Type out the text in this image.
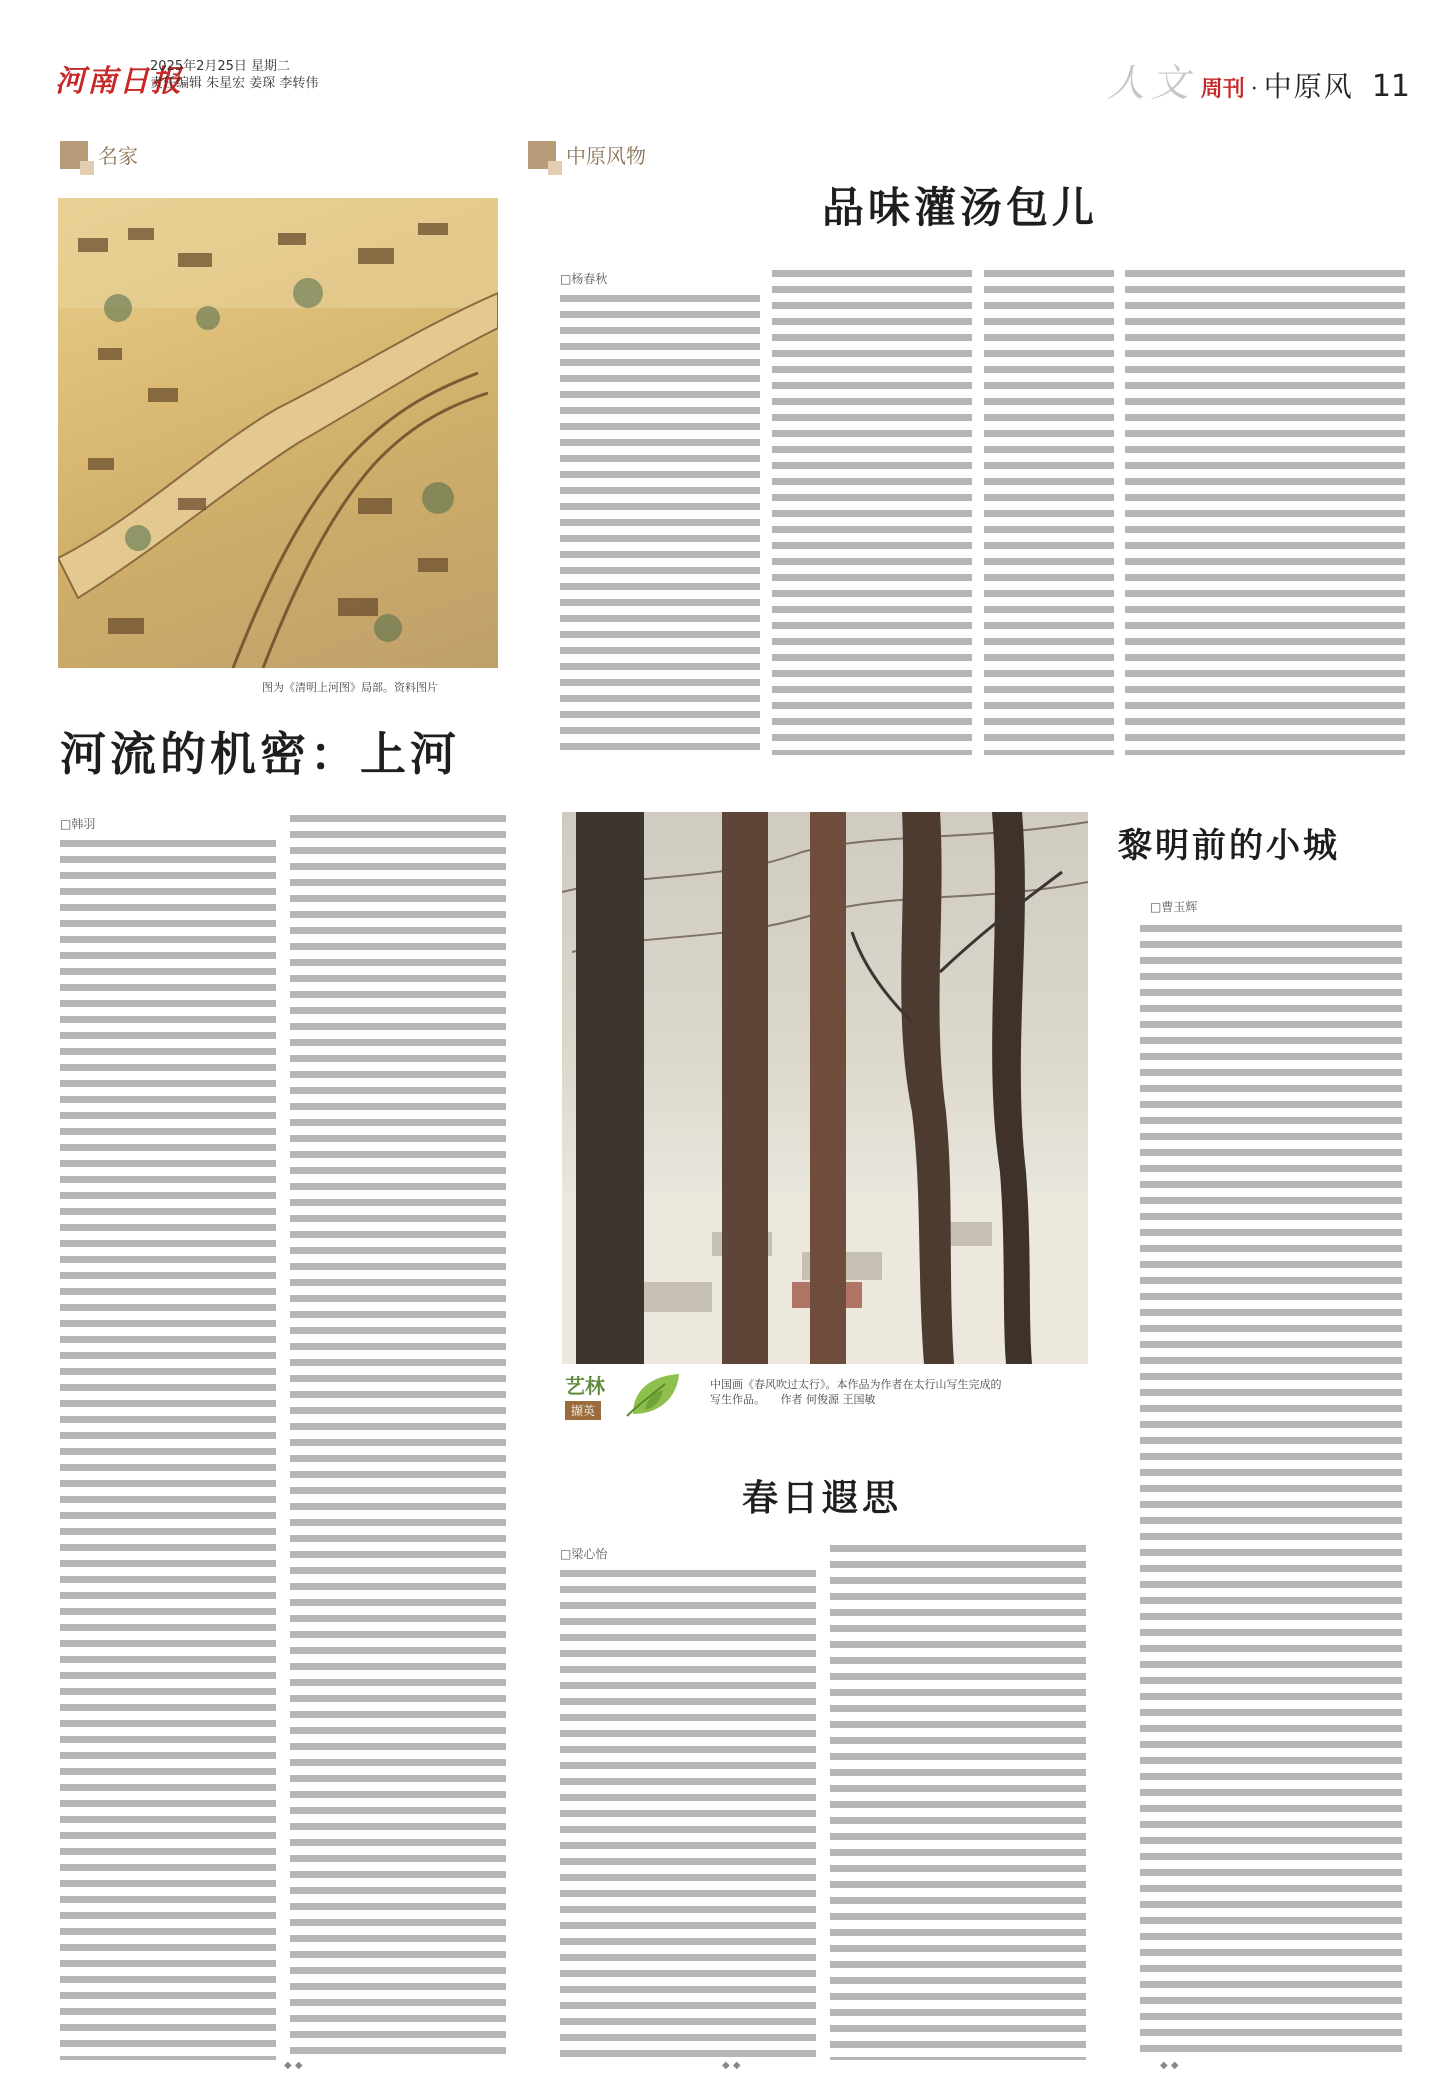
河南日报
2025年2月25日 星期二
责任编辑 朱星宏 姜琛 李转伟	人文 周刊 · 中原风 11
名家
图为《清明上河图》局部。资料图片
河流的机密：上河
□韩羽
中原风物
品味灌汤包儿
□杨春秋
艺林
撷英
中国画《春风吹过太行》。本作品为作者在太行山写生完成的
写生作品。 作者 何俊源 王国敏
春日遐思
□梁心怡
黎明前的小城
□曹玉辉
◆ ◆	◆ ◆	◆ ◆
